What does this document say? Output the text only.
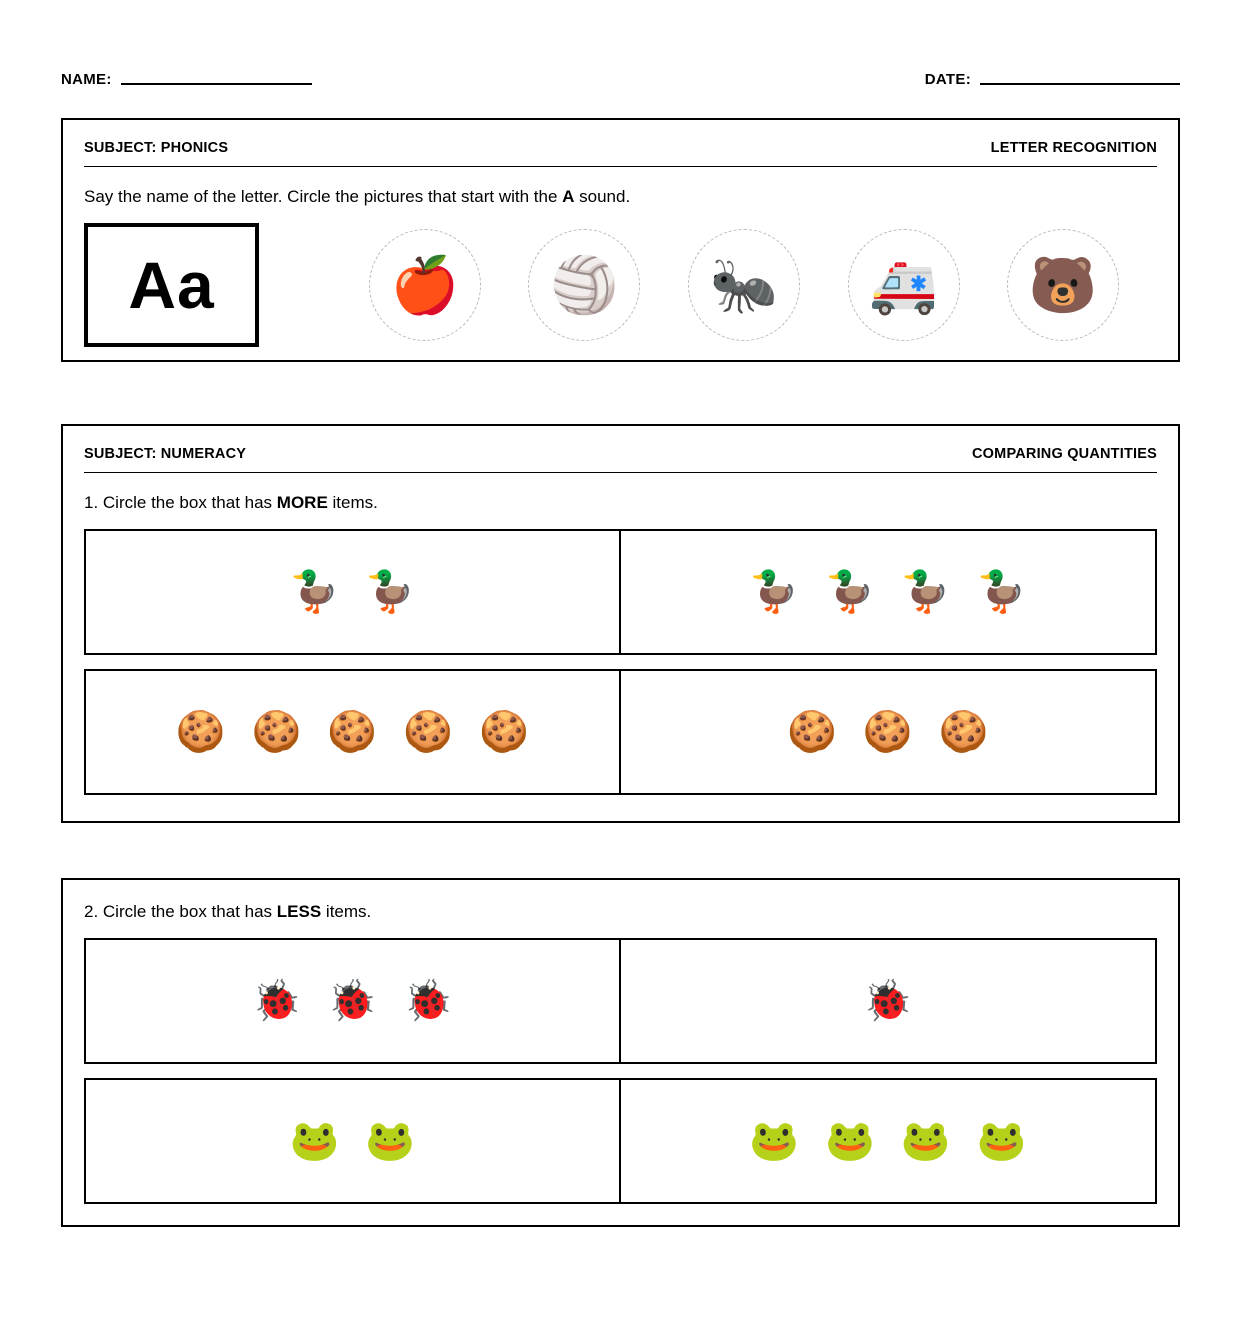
NAME:	DATE:
SUBJECT: PHONICS	LETTER RECOGNITION
Say the name of the letter. Circle the pictures that start with the A sound.
Aa	🍎 🏐 🐜 🚑 🐻
SUBJECT: NUMERACY	COMPARING QUANTITIES
1. Circle the box that has MORE items.
🦆 🦆	🦆 🦆 🦆 🦆
🍪 🍪 🍪 🍪 🍪	🍪 🍪 🍪
2. Circle the box that has LESS items.
🐞 🐞 🐞	🐞
🐸 🐸	🐸 🐸 🐸 🐸
